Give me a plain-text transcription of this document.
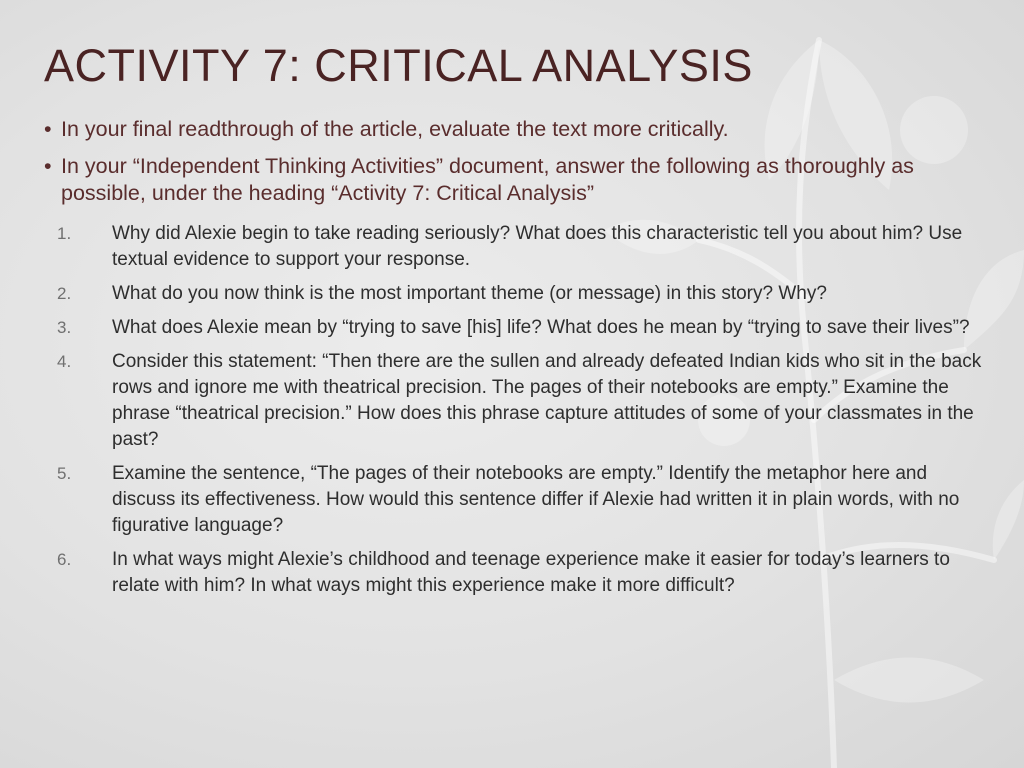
ACTIVITY 7: CRITICAL ANALYSIS
• In your final readthrough of the article, evaluate the text more critically.
• In your “Independent Thinking Activities” document, answer the following as thoroughly as possible, under the heading “Activity 7: Critical Analysis”
1. Why did Alexie begin to take reading seriously? What does this characteristic tell you about him? Use textual evidence to support your response.
2. What do you now think is the most important theme (or message) in this story? Why?
3. What does Alexie mean by “trying to save [his] life? What does he mean by “trying to save their lives”?
4. Consider this statement: “Then there are the sullen and already defeated Indian kids who sit in the back rows and ignore me with theatrical precision. The pages of their notebooks are empty.” Examine the phrase “theatrical precision.” How does this phrase capture attitudes of some of your classmates in the past?
5. Examine the sentence, “The pages of their notebooks are empty.” Identify the metaphor here and discuss its effectiveness. How would this sentence differ if Alexie had written it in plain words, with no figurative language?
6. In what ways might Alexie’s childhood and teenage experience make it easier for today’s learners to relate with him? In what ways might this experience make it more difficult?
